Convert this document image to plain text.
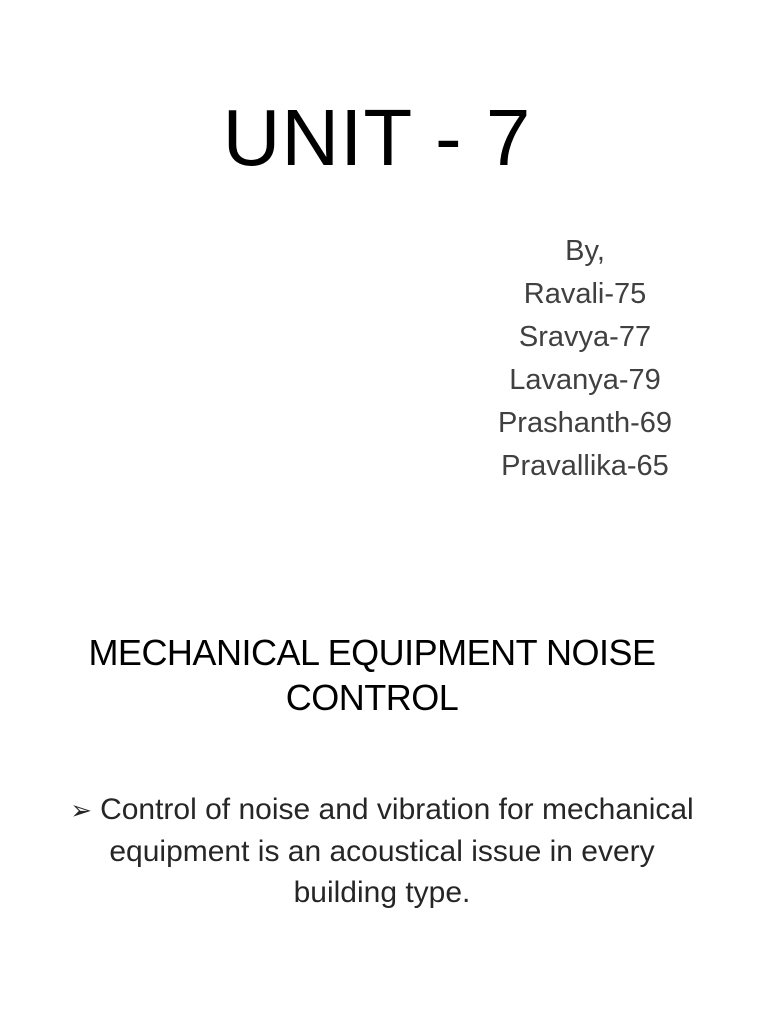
UNIT - 7
By,
Ravali-75
Sravya-77
Lavanya-79
Prashanth-69
Pravallika-65
MECHANICAL EQUIPMENT NOISE
CONTROL
➢ Control of noise and vibration for mechanical equipment is an acoustical issue in every building type.
